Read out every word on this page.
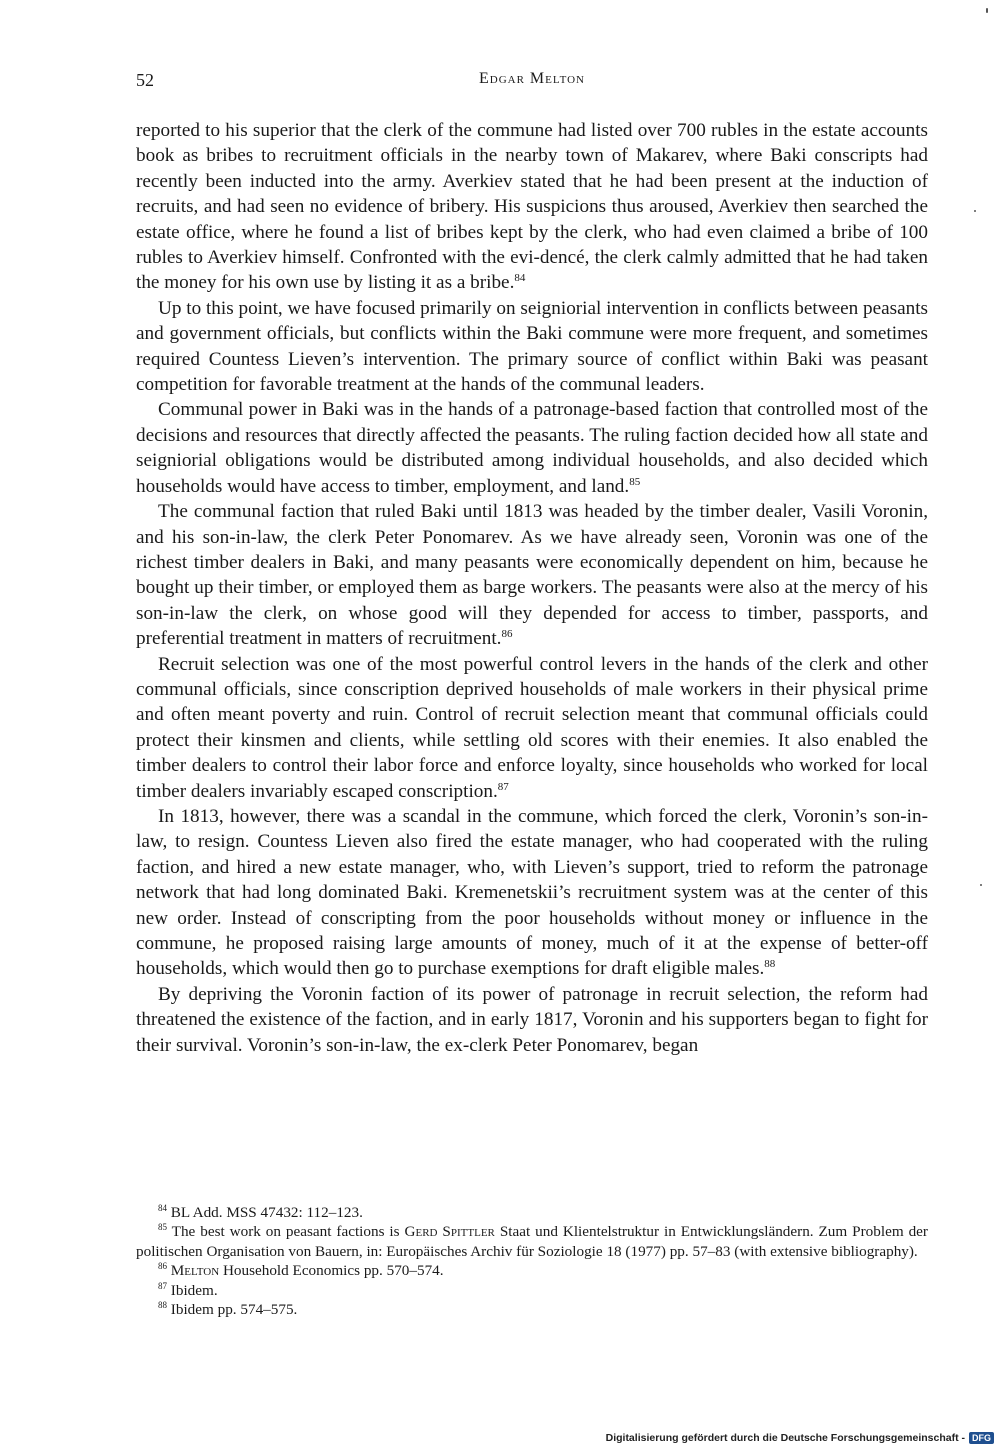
52	Edgar Melton

reported to his superior that the clerk of the commune had listed over 700 rubles in the estate accounts book as bribes to recruitment officials in the nearby town of Makarev, where Baki conscripts had recently been inducted into the army. Averkiev stated that he had been present at the induction of recruits, and had seen no evidence of bribery. His suspicions thus aroused, Averkiev then searched the estate office, where he found a list of bribes kept by the clerk, who had even claimed a bribe of 100 rubles to Averkiev himself. Confronted with the evi-dencé, the clerk calmly admitted that he had taken the money for his own use by listing it as a bribe.$^{84}$

Up to this point, we have focused primarily on seigniorial intervention in conflicts between peasants and government officials, but conflicts within the Baki commune were more frequent, and sometimes required Countess Lieven’s intervention. The primary source of conflict within Baki was peasant competition for favorable treatment at the hands of the communal leaders.

Communal power in Baki was in the hands of a patronage-based faction that controlled most of the decisions and resources that directly affected the peasants. The ruling faction decided how all state and seigniorial obligations would be distributed among individual households, and also decided which households would have access to timber, employment, and land.$^{85}$

The communal faction that ruled Baki until 1813 was headed by the timber dealer, Vasili Voronin, and his son-in-law, the clerk Peter Ponomarev. As we have already seen, Voronin was one of the richest timber dealers in Baki, and many peasants were economically dependent on him, because he bought up their timber, or employed them as barge workers. The peasants were also at the mercy of his son-in-law the clerk, on whose good will they depended for access to timber, passports, and preferential treatment in matters of recruitment.$^{86}$

Recruit selection was one of the most powerful control levers in the hands of the clerk and other communal officials, since conscription deprived households of male workers in their physical prime and often meant poverty and ruin. Control of recruit selection meant that communal officials could protect their kinsmen and clients, while settling old scores with their enemies. It also enabled the timber dealers to control their labor force and enforce loyalty, since households who worked for local timber dealers invariably escaped conscription.$^{87}$

In 1813, however, there was a scandal in the commune, which forced the clerk, Voronin’s son-in-law, to resign. Countess Lieven also fired the estate manager, who had cooperated with the ruling faction, and hired a new estate manager, who, with Lieven’s support, tried to reform the patronage network that had long dominated Baki. Kremenetskii’s recruitment system was at the center of this new order. Instead of conscripting from the poor households without money or influence in the commune, he proposed raising large amounts of money, much of it at the expense of better-off households, which would then go to purchase exemptions for draft eligible males.$^{88}$

By depriving the Voronin faction of its power of patronage in recruit selection, the reform had threatened the existence of the faction, and in early 1817, Voronin and his supporters began to fight for their survival. Voronin’s son-in-law, the ex-clerk Peter Ponomarev, began

$^{84}$ BL Add. MSS 47432: 112–123.

$^{85}$ The best work on peasant factions is Gerd Spittler Staat und Klientelstruktur in Entwicklungsländern. Zum Problem der politischen Organisation von Bauern, in: Europäisches Archiv für Soziologie 18 (1977) pp. 57–83 (with extensive bibliography).

$^{86}$ Melton Household Economics pp. 570–574.

$^{87}$ Ibidem.

$^{88}$ Ibidem pp. 574–575.

Digitalisierung gefördert durch die Deutsche Forschungsgemeinschaft - DFG
